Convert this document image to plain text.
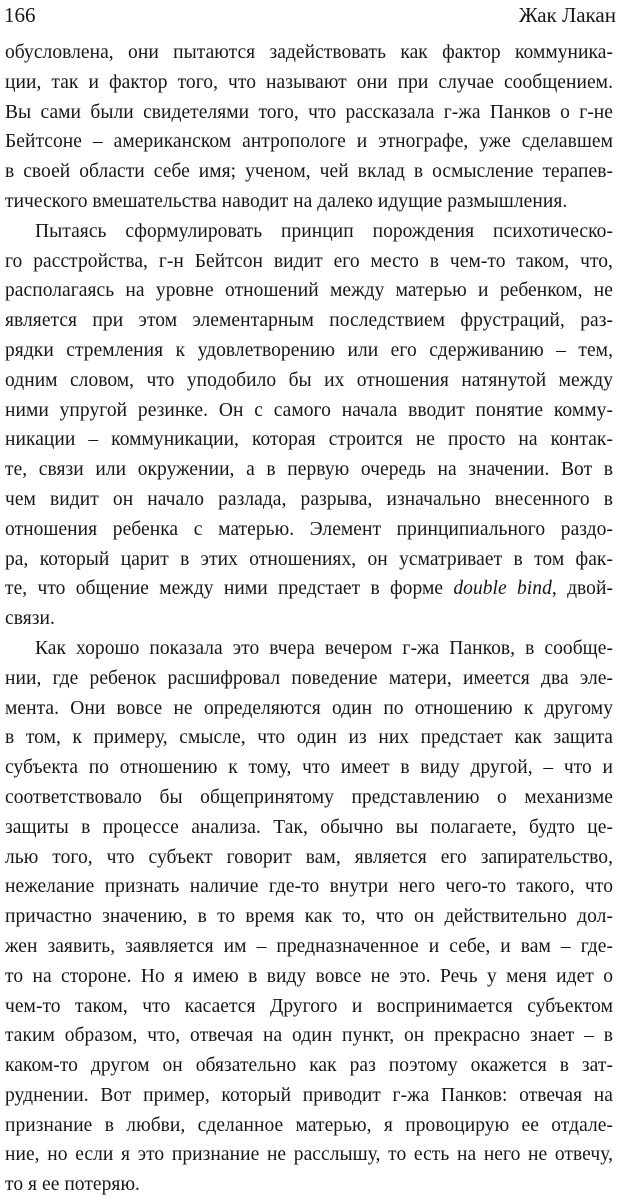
166	Жак Лакан
обусловлена, они пытаются задействовать как фактор коммуника-
ции, так и фактор того, что называют они при случае сообщением.
Вы сами были свидетелями того, что рассказала г-жа Панков о г-не
Бейтсоне – американском антропологе и этнографе, уже сделавшем
в своей области себе имя; ученом, чей вклад в осмысление терапев-
тического вмешательства наводит на далеко идущие размышления.
Пытаясь сформулировать принцип порождения психотическо-
го расстройства, г-н Бейтсон видит его место в чем-то таком, что,
располагаясь на уровне отношений между матерью и ребенком, не
является при этом элементарным последствием фрустраций, раз-
рядки стремления к удовлетворению или его сдерживанию – тем,
одним словом, что уподобило бы их отношения натянутой между
ними упругой резинке. Он с самого начала вводит понятие комму-
никации – коммуникации, которая строится не просто на контак-
те, связи или окружении, а в первую очередь на значении. Вот в
чем видит он начало разлада, разрыва, изначально внесенного в
отношения ребенка с матерью. Элемент принципиального раздо-
ра, который царит в этих отношениях, он усматривает в том фак-
те, что общение между ними предстает в форме double bind, двой-
связи.
Как хорошо показала это вчера вечером г-жа Панков, в сообще-
нии, где ребенок расшифровал поведение матери, имеется два эле-
мента. Они вовсе не определяются один по отношению к другому
в том, к примеру, смысле, что один из них предстает как защита
субъекта по отношению к тому, что имеет в виду другой, – что и
соответствовало бы общепринятому представлению о механизме
защиты в процессе анализа. Так, обычно вы полагаете, будто це-
лью того, что субъект говорит вам, является его запирательство,
нежелание признать наличие где-то внутри него чего-то такого, что
причастно значению, в то время как то, что он действительно дол-
жен заявить, заявляется им – предназначенное и себе, и вам – где-
то на стороне. Но я имею в виду вовсе не это. Речь у меня идет о
чем-то таком, что касается Другого и воспринимается субъектом
таким образом, что, отвечая на один пункт, он прекрасно знает – в
каком-то другом он обязательно как раз поэтому окажется в зат-
руднении. Вот пример, который приводит г-жа Панков: отвечая на
признание в любви, сделанное матерью, я провоцирую ее отдале-
ние, но если я это признание не расслышу, то есть на него не отвечу,
то я ее потеряю.
